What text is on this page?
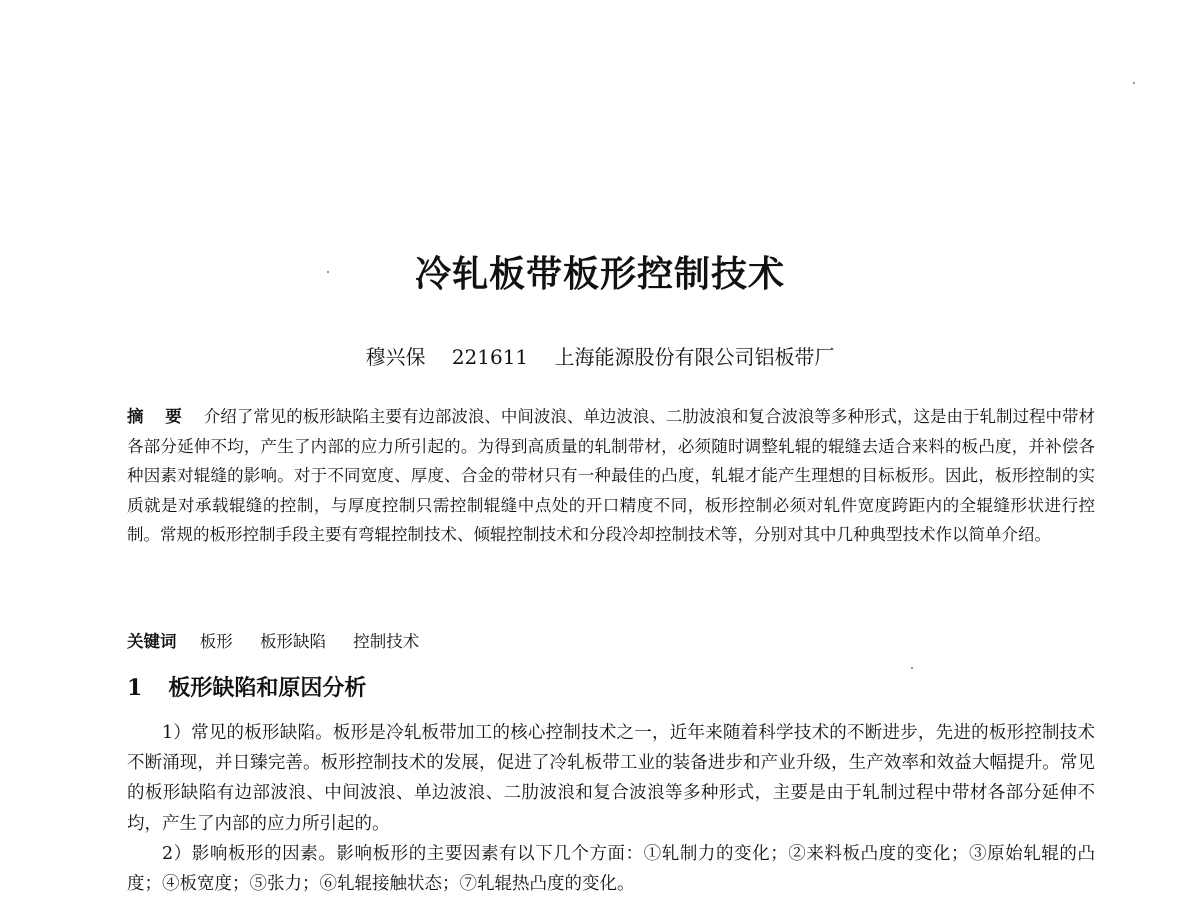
冷轧板带板形控制技术
穆兴保 221611 上海能源股份有限公司铝板带厂

摘 要 介绍了常见的板形缺陷主要有边部波浪、中间波浪、单边波浪、二肋波浪和复合波浪等多种形式，这是由于轧制过程中带材各部分延伸不均，产生了内部的应力所引起的。为得到高质量的轧制带材，必须随时调整轧辊的辊缝去适合来料的板凸度，并补偿各种因素对辊缝的影响。对于不同宽度、厚度、合金的带材只有一种最佳的凸度，轧辊才能产生理想的目标板形。因此，板形控制的实质就是对承载辊缝的控制，与厚度控制只需控制辊缝中点处的开口精度不同，板形控制必须对轧件宽度跨距内的全辊缝形状进行控制。常规的板形控制手段主要有弯辊控制技术、倾辊控制技术和分段冷却控制技术等，分别对其中几种典型技术作以简单介绍。

关键词 板形 板形缺陷 控制技术

1 板形缺陷和原因分析

1）常见的板形缺陷。板形是冷轧板带加工的核心控制技术之一，近年来随着科学技术的不断进步，先进的板形控制技术不断涌现，并日臻完善。板形控制技术的发展，促进了冷轧板带工业的装备进步和产业升级，生产效率和效益大幅提升。常见的板形缺陷有边部波浪、中间波浪、单边波浪、二肋波浪和复合波浪等多种形式，主要是由于轧制过程中带材各部分延伸不均，产生了内部的应力所引起的。

2）影响板形的因素。影响板形的主要因素有以下几个方面：①轧制力的变化；②来料板凸度的变化；③原始轧辊的凸度；④板宽度；⑤张力；⑥轧辊接触状态；⑦轧辊热凸度的变化。
